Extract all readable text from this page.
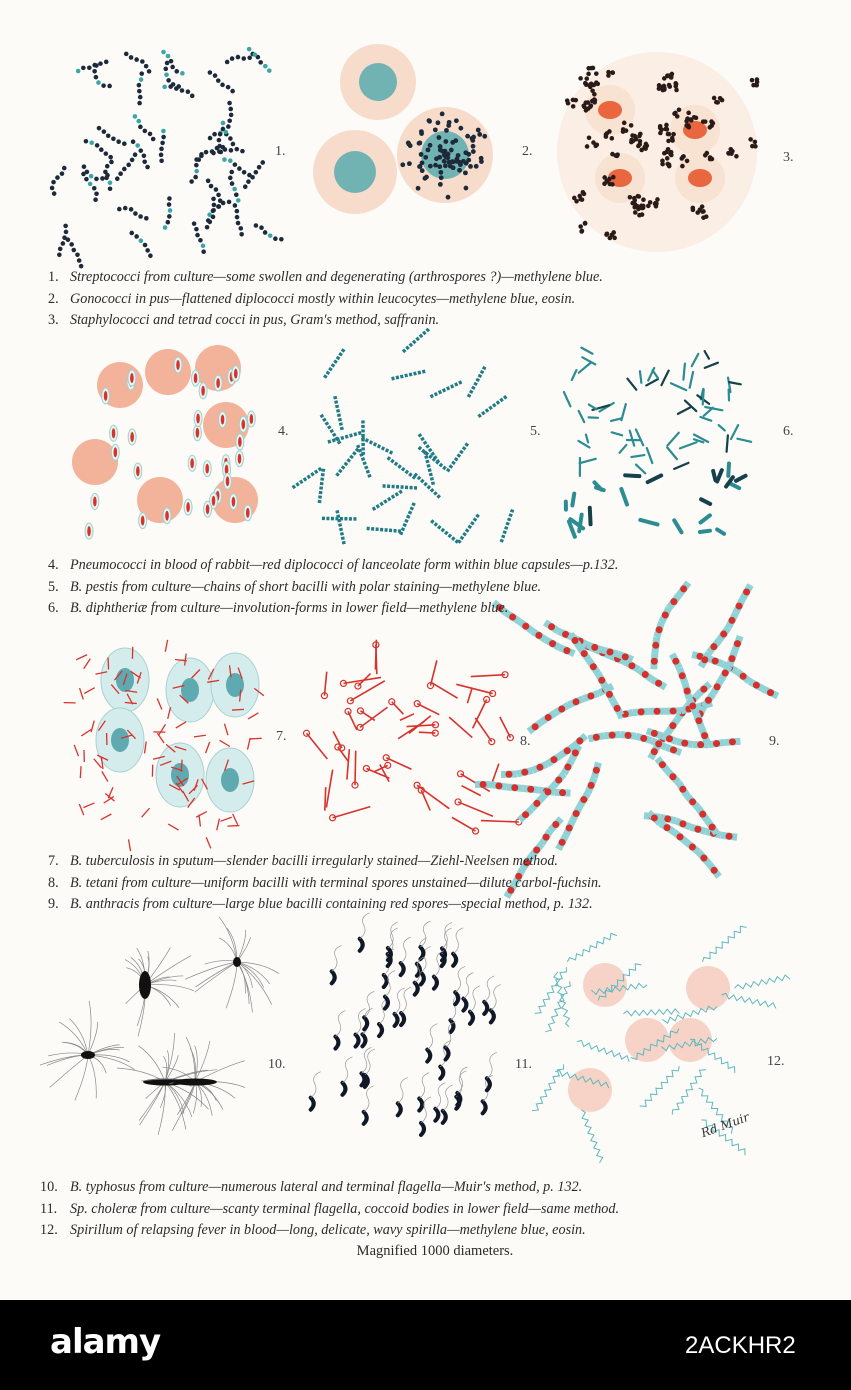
1.	2.	3.
4.	5.	6.
7.	8.	9.
10.	11.	12.
1. Streptococci from culture—some swollen and degenerating (arthrospores ?)—methylene blue.
2. Gonococci in pus—flattened diplococci mostly within leucocytes—methylene blue, eosin.
3. Staphylococci and tetrad cocci in pus, Gram's method, saffranin.
4. Pneumococci in blood of rabbit—red diplococci of lanceolate form within blue capsules—p.132.
5. B. pestis from culture—chains of short bacilli with polar staining—methylene blue.
6. B. diphtheriæ from culture—involution-forms in lower field—methylene blue.
7. B. tuberculosis in sputum—slender bacilli irregularly stained—Ziehl-Neelsen method.
8. B. tetani from culture—uniform bacilli with terminal spores unstained—dilute carbol-fuchsin.
9. B. anthracis from culture—large blue bacilli containing red spores—special method, p. 132.
10. B. typhosus from culture—numerous lateral and terminal flagella—Muir's method, p. 132.
11. Sp. choleræ from culture—scanty terminal flagella, coccoid bodies in lower field—same method.
12. Spirillum of relapsing fever in blood—long, delicate, wavy spirilla—methylene blue, eosin.
Magnified 1000 diameters.
Rd Muir
alamy	2ACKHR2
